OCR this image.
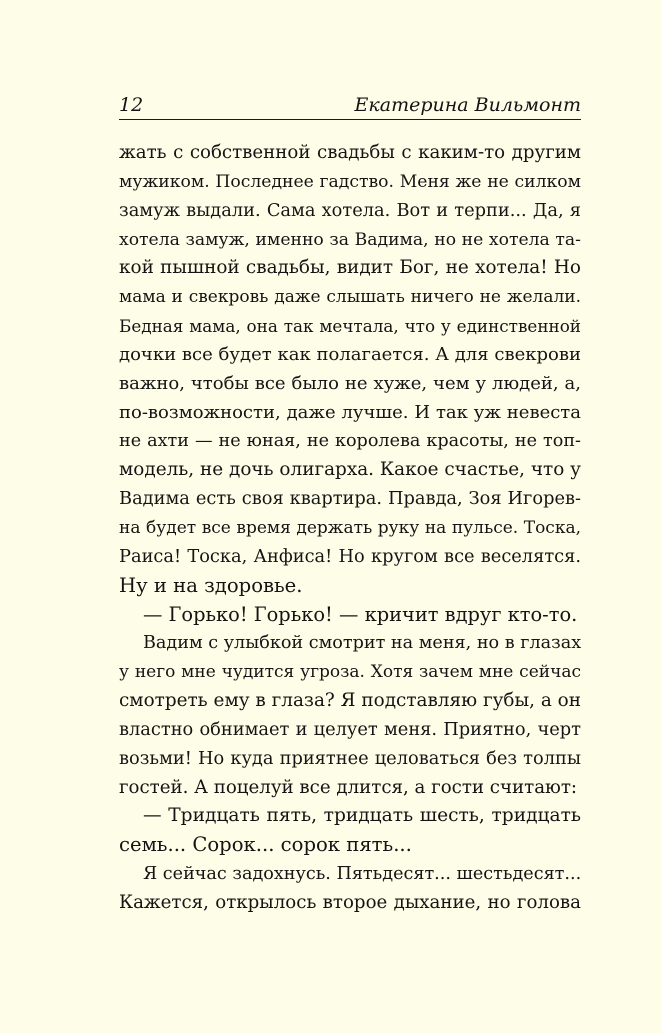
12	Екатерина Вильмонт
жать с собственной свадьбы с каким-то другим
мужиком. Последнее гадство. Меня же не силком
замуж выдали. Сама хотела. Вот и терпи... Да, я
хотела замуж, именно за Вадима, но не хотела та-
кой пышной свадьбы, видит Бог, не хотела! Но
мама и свекровь даже слышать ничего не желали.
Бедная мама, она так мечтала, что у единственной
дочки все будет как полагается. А для свекрови
важно, чтобы все было не хуже, чем у людей, а,
по-возможности, даже лучше. И так уж невеста
не ахти — не юная, не королева красоты, не топ-
модель, не дочь олигарха. Какое счастье, что у
Вадима есть своя квартира. Правда, Зоя Игорев-
на будет все время держать руку на пульсе. Тоска,
Раиса! Тоска, Анфиса! Но кругом все веселятся.
Ну и на здоровье.
— Горько! Горько! — кричит вдруг кто-то.
Вадим с улыбкой смотрит на меня, но в глазах
у него мне чудится угроза. Хотя зачем мне сейчас
смотреть ему в глаза? Я подставляю губы, а он
властно обнимает и целует меня. Приятно, черт
возьми! Но куда приятнее целоваться без толпы
гостей. А поцелуй все длится, а гости считают:
— Тридцать пять, тридцать шесть, тридцать
семь... Сорок... сорок пять...
Я сейчас задохнусь. Пятьдесят... шестьдесят...
Кажется, открылось второе дыхание, но голова
